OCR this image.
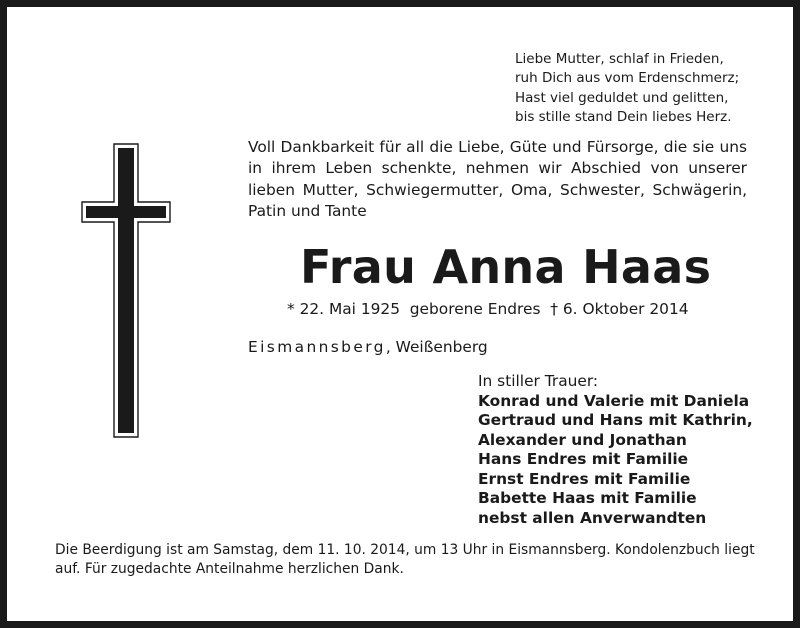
Liebe Mutter, schlaf in Frieden,
ruh Dich aus vom Erdenschmerz;
Hast viel geduldet und gelitten,
bis stille stand Dein liebes Herz.
Voll Dankbarkeit für all die Liebe, Güte und Fürsorge, die sie uns in ihrem Leben schenkte, nehmen wir Abschied von unserer lieben Mutter, Schwiegermutter, Oma, Schwester, Schwägerin, Patin und Tante
Frau Anna Haas
* 22. Mai 1925  geborene Endres  † 6. Oktober 2014
Eismannsberg, Weißenberg
In stiller Trauer:
Konrad und Valerie mit Daniela
Gertraud und Hans mit Kathrin,
Alexander und Jonathan
Hans Endres mit Familie
Ernst Endres mit Familie
Babette Haas mit Familie
nebst allen Anverwandten
Die Beerdigung ist am Samstag, dem 11. 10. 2014, um 13 Uhr in Eismannsberg. Kondolenzbuch liegt auf. Für zugedachte Anteilnahme herzlichen Dank.
